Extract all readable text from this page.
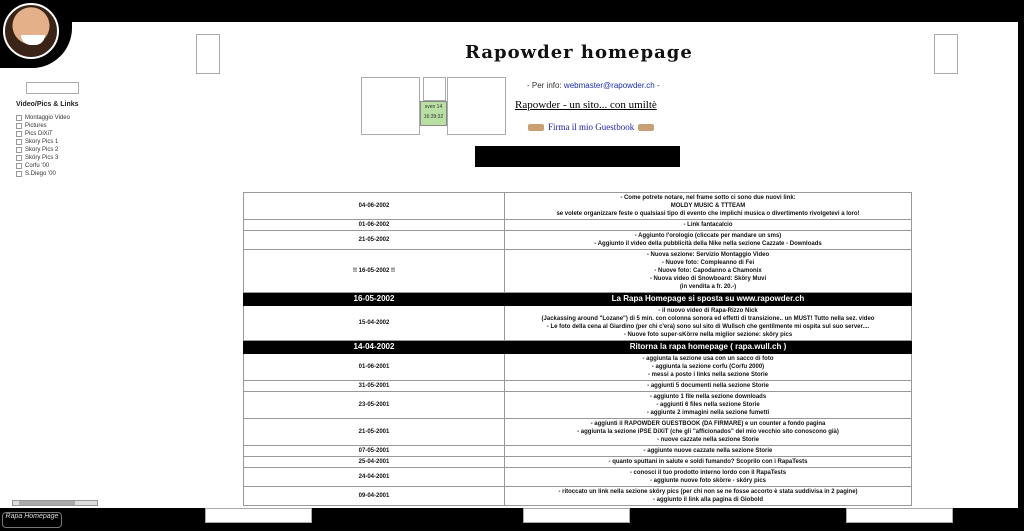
Video/Pics & Links
Montaggio Video
Pictures
Pics DiXiT
Skory Pics 1
Skory Pics 2
Sköry Pics 3
Corfu '00
S.Diego '00
Rapowder homepage
- Per info: webmaster@rapowder.ch -
sven 14
16:39:32
Rapowder - un sito... con umiltè
Firma il mio Guestbook
04-06-2002	- Come potrete notare, nel frame sotto ci sono due nuovi link:
MOLDY MUSIC & TTTEAM
se volete organizzare feste o qualsiasi tipo di evento che implichi musica o divertimento rivolgetevi a loro!

01-06-2002	- Link fantacalcio

21-05-2002	- Aggiunto l'orologio (cliccate per mandare un sms)
- Aggiunto il video della pubblicità della Nike nella sezione Cazzate - Downloads

!! 16-05-2002 !!	- Nuova sezione: Servizio Montaggio Video
- Nuove foto: Compleanno di Fei
- Nuove foto: Capodanno a Chamonix
- Nuova video di Snowboard: Sköry Muvi
(in vendita a fr. 20.-)

16-05-2002	La Rapa Homepage si sposta su www.rapowder.ch
15-04-2002	- il nuovo video di Rapa-Rizzo Nick
(Jackassing around "Lozane") di 5 min. con colonna sonora ed effetti di transizione.. un MUST! Tutto nella sez. video
- Le foto della cena al Giardino (per chi c'era) sono sul sito di Wullsch che gentilmente mi ospita sul suo server....
- Nuove foto super-sKörre nella miglior sezione: sköry pics

14-04-2002	Ritorna la rapa homepage ( rapa.wull.ch )
01-06-2001	- aggiunta la sezione usa con un sacco di foto
- aggiunta la sezione corfu (Corfu 2000)
- messi a posto i links nella sezione Storie

31-05-2001	- aggiunti 5 documenti nella sezione Storie

23-05-2001	- aggiunto 1 file nella sezione downloads
- aggiunti 6 files nella sezione Storie
- aggiunte 2 immagini nella sezione fumetti

21-05-2001	- aggiunti il RAPOWDER GUESTBOOK (DA FIRMARE) e un counter a fondo pagina
- aggiunta la sezione iPSE DiXiT (che gli "afficionados" del mio vecchio sito conoscono già)
- nuove cazzate nella sezione Storie

07-05-2001	- aggiunte nuove cazzate nella sezione Storie

25-04-2001	- quanto sputtani in salute e soldi fumando? Scoprilo con i RapaTests

24-04-2001	- conosci il tuo prodotto interno lordo con il RapaTests
- aggiunte nuove foto skörre - sköry pics

09-04-2001	- ritoccato un link nella sezione sköry pics (per chi non se ne fosse accorto è stata suddivisa in 2 pagine)
- aggiunto il link alla pagina di Giobold
Rapa Homepage
